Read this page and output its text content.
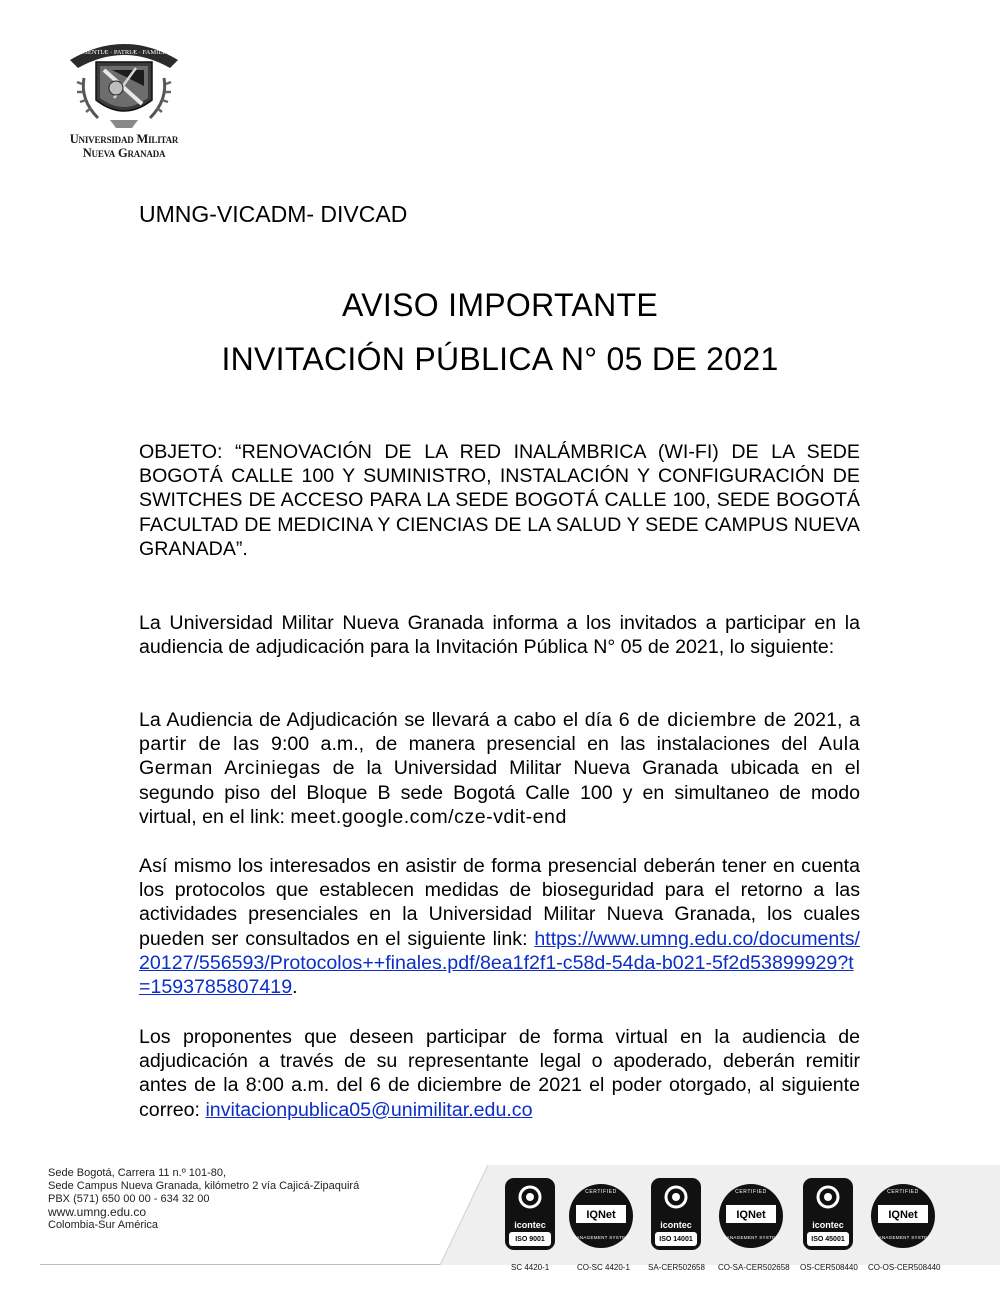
SCIENTIÆ · PATRIÆ · FAMILIÆ
Universidad Militar
Nueva Granada
UMNG-VICADM- DIVCAD
AVISO IMPORTANTE
INVITACIÓN PÚBLICA N° 05 DE 2021
OBJETO: “RENOVACIÓN DE LA RED INALÁMBRICA (WI-FI) DE LA SEDE BOGOTÁ CALLE 100 Y SUMINISTRO, INSTALACIÓN Y CONFIGURACIÓN DE SWITCHES DE ACCESO PARA LA SEDE BOGOTÁ CALLE 100, SEDE BOGOTÁ FACULTAD DE MEDICINA Y CIENCIAS DE LA SALUD Y SEDE CAMPUS NUEVA GRANADA”.
La Universidad Militar Nueva Granada informa a los invitados a participar en la audiencia de adjudicación para la Invitación Pública N° 05 de 2021, lo siguiente:
La Audiencia de Adjudicación se llevará a cabo el día 6 de diciembre de 2021, a partir de las 9:00 a.m., de manera presencial en las instalaciones del Aula German Arciniegas de la Universidad Militar Nueva Granada ubicada en el segundo piso del Bloque B sede Bogotá Calle 100 y en simultaneo de modo virtual, en el link: meet.google.com/cze-vdit-end
Así mismo los interesados en asistir de forma presencial deberán tener en cuenta los protocolos que establecen medidas de bioseguridad para el retorno a las actividades presenciales en la Universidad Militar Nueva Granada, los cuales pueden ser consultados en el siguiente link: https://www.umng.edu.co/documents/20127/556593/Protocolos++finales.pdf/8ea1f2f1-c58d-54da-b021-5f2d53899929?t=1593785807419.
Los proponentes que deseen participar de forma virtual en la audiencia de adjudicación a través de su representante legal o apoderado, deberán remitir antes de la 8:00 a.m. del 6 de diciembre de 2021 el poder otorgado, al siguiente correo: invitacionpublica05@unimilitar.edu.co
Sede Bogotá, Carrera 11 n.º 101-80,
Sede Campus Nueva Granada, kilómetro 2 vía Cajicá-Zipaquirá
PBX (571) 650 00 00 - 634 32 00
www.umng.edu.co
Colombia-Sur América	icontec
ISO 9001
CERTIFIED
IQNet
MANAGEMENT SYSTEM
icontec
ISO 14001
CERTIFIED
IQNet
MANAGEMENT SYSTEM
icontec
ISO 45001
CERTIFIED
IQNet
MANAGEMENT SYSTEM
SC 4420-1	CO-SC 4420-1 SA-CER502658 CO-SA-CER502658 OS-CER508440 CO-OS-CER508440
